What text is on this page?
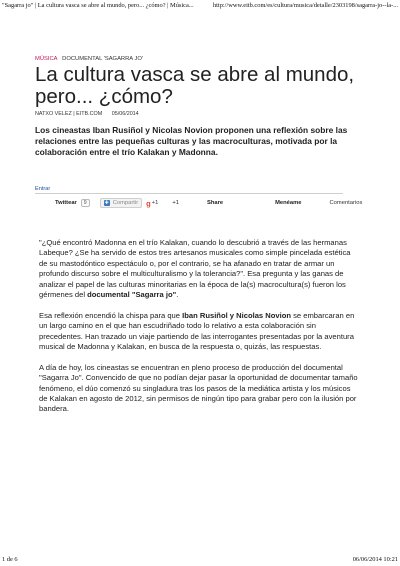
"Sagarra jo" | La cultura vasca se abre al mundo, pero... ¿cómo? | Música...	http://www.eitb.com/es/cultura/musica/detalle/2303198/sagarra-jo--la-...
MÚSICA DOCUMENTAL 'SAGARRA JO'
La cultura vasca se abre al mundo, pero... ¿cómo?
NATXO VELEZ | EITB.COM 05/06/2014
Los cineastas Iban Rusiñol y Nicolas Novion proponen una reflexión sobre las relaciones entre las pequeñas culturas y las macroculturas, motivada por la colaboración entre el trío Kalakan y Madonna.
Entrar
Twittear	9	✚ Compartir g +1 +1	Share	Menéame	Comentarios

"¿Qué encontró Madonna en el trío Kalakan, cuando lo descubrió a través de las hermanas Labeque? ¿Se ha servido de estos tres artesanos musicales como simple pincelada estética de su mastodóntico espectáculo o, por el contrario, se ha afanado en tratar de armar un profundo discurso sobre el multiculturalismo y la tolerancia?". Esa pregunta y las ganas de analizar el papel de las culturas minoritarias en la época de la(s) macrocultura(s) fueron los gérmenes del documental "Sagarra jo".

Esa reflexión encendió la chispa para que Iban Rusiñol y Nicolas Novion se embarcaran en un largo camino en el que han escudriñado todo lo relativo a esta colaboración sin precedentes. Han trazado un viaje partiendo de las interrogantes presentadas por la aventura musical de Madonna y Kalakan, en busca de la respuesta o, quizás, las respuestas.

A día de hoy, los cineastas se encuentran en pleno proceso de producción del documental "Sagarra Jo". Convencido de que no podían dejar pasar la oportunidad de documentar tamaño fenómeno, el dúo comenzó su singladura tras los pasos de la mediática artista y los músicos de Kalakan en agosto de 2012, sin permisos de ningún tipo para grabar pero con la ilusión por bandera.

1 de 6	06/06/2014 10:21
